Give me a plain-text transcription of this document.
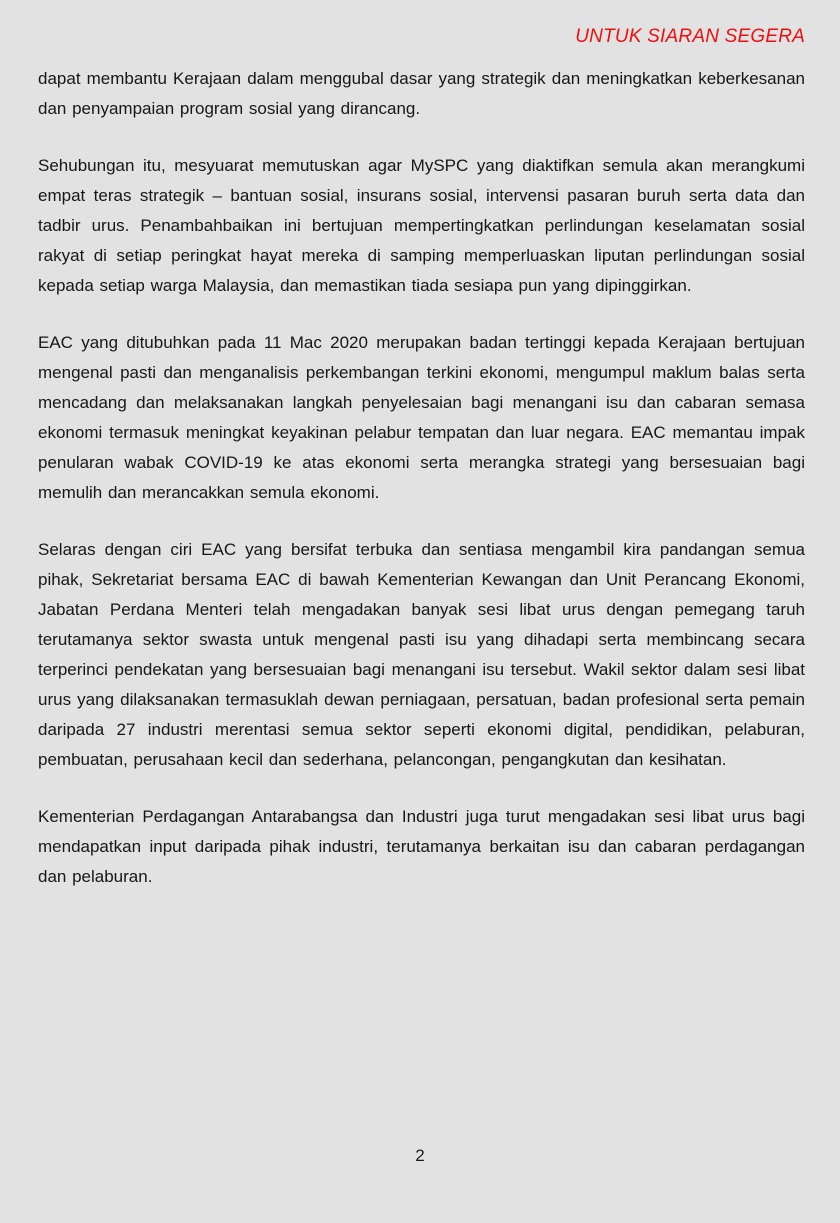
UNTUK SIARAN SEGERA

dapat membantu Kerajaan dalam menggubal dasar yang strategik dan meningkatkan keberkesanan dan penyampaian program sosial yang dirancang.

Sehubungan itu, mesyuarat memutuskan agar MySPC yang diaktifkan semula akan merangkumi empat teras strategik – bantuan sosial, insurans sosial, intervensi pasaran buruh serta data dan tadbir urus. Penambahbaikan ini bertujuan mempertingkatkan perlindungan keselamatan sosial rakyat di setiap peringkat hayat mereka di samping memperluaskan liputan perlindungan sosial kepada setiap warga Malaysia, dan memastikan tiada sesiapa pun yang dipinggirkan.

EAC yang ditubuhkan pada 11 Mac 2020 merupakan badan tertinggi kepada Kerajaan bertujuan mengenal pasti dan menganalisis perkembangan terkini ekonomi, mengumpul maklum balas serta mencadang dan melaksanakan langkah penyelesaian bagi menangani isu dan cabaran semasa ekonomi termasuk meningkat keyakinan pelabur tempatan dan luar negara. EAC memantau impak penularan wabak COVID-19 ke atas ekonomi serta merangka strategi yang bersesuaian bagi memulih dan merancakkan semula ekonomi.

Selaras dengan ciri EAC yang bersifat terbuka dan sentiasa mengambil kira pandangan semua pihak, Sekretariat bersama EAC di bawah Kementerian Kewangan dan Unit Perancang Ekonomi, Jabatan Perdana Menteri telah mengadakan banyak sesi libat urus dengan pemegang taruh terutamanya sektor swasta untuk mengenal pasti isu yang dihadapi serta membincang secara terperinci pendekatan yang bersesuaian bagi menangani isu tersebut. Wakil sektor dalam sesi libat urus yang dilaksanakan termasuklah dewan perniagaan, persatuan, badan profesional serta pemain daripada 27 industri merentasi semua sektor seperti ekonomi digital, pendidikan, pelaburan, pembuatan, perusahaan kecil dan sederhana, pelancongan, pengangkutan dan kesihatan.

Kementerian Perdagangan Antarabangsa dan Industri juga turut mengadakan sesi libat urus bagi mendapatkan input daripada pihak industri, terutamanya berkaitan isu dan cabaran perdagangan dan pelaburan.

2
